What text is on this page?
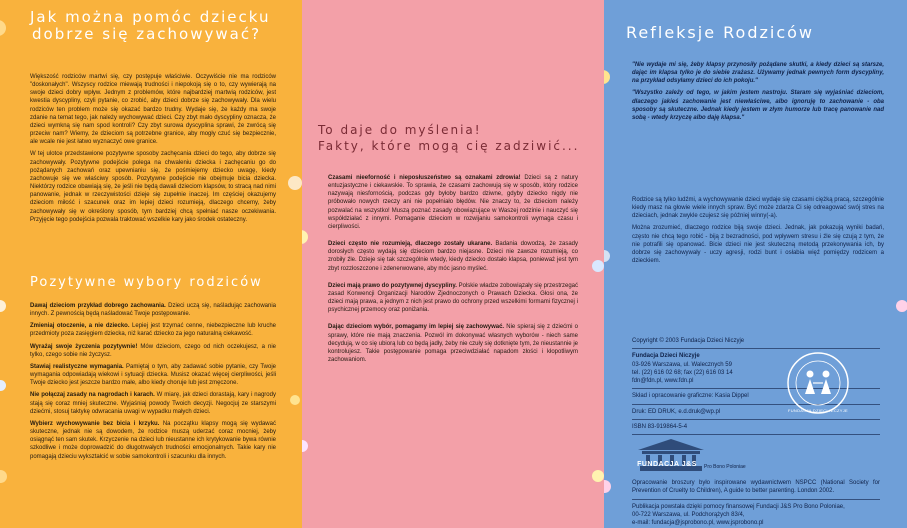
Jak można pomóc dziecku
dobrze się zachowywać?

Większość rodziców martwi się, czy postępuje właściwie. Oczywiście nie ma rodziców "doskonałych". Wszyscy rodzice miewają trudności i niepokoją się o to, czy wywierają na swoje dzieci dobry wpływ. Jednym z problemów, które najbardziej martwią rodziców, jest kwestia dyscypliny, czyli pytanie, co zrobić, aby dzieci dobrze się zachowywały. Dla wielu rodziców ten problem może się okazać bardzo trudny. Wydaje się, że każdy ma swoje zdanie na temat tego, jak należy wychowywać dzieci. Czy zbyt mało dyscypliny oznacza, że dzieci wymkną się nam spod kontroli? Czy zbyt surowa dyscyplina sprawi, że zwrócą się przeciw nam? Wiemy, że dzieciom są potrzebne granice, aby mogły czuć się bezpiecznie, ale wcale nie jest łatwo wyznaczyć owe granice.

W tej ulotce przedstawione pozytywne sposoby zachęcania dzieci do tego, aby dobrze się zachowywały. Pozytywne podejście polega na chwaleniu dziecka i zachęcaniu go do pożądanych zachowań oraz upewnianiu się, że pośmiejemy dziecko uwagę, kiedy zachowuje się we właściwy sposób. Pozytywne podejście nie obejmuje bicia dziecka. Niektórzy rodzice obawiają się, że jeśli nie będą dawali dzieciom klapsów, to stracą nad nimi panowanie, jednak w rzeczywistości dzieje się zupełnie inaczej. Im częściej okazujemy dzieciom miłość i szacunek oraz im lepiej dzieci rozumieją, dlaczego chcemy, żeby zachowywały się w określony sposób, tym bardziej chcą spełniać nasze oczekiwania. Przyjęcie tego podejścia pozwala traktować wszelkie kary jako środek ostateczny.

Pozytywne wybory rodziców

Dawaj dzieciom przykład dobrego zachowania. Dzieci uczą się, naśladując zachowania innych. Z pewnością będą naśladować Twoje postępowanie.

Zmieniaj otoczenie, a nie dziecko. Lepiej jest trzymać cenne, niebezpieczne lub kruche przedmioty poza zasięgiem dziecka, niż karać dziecko za jego naturalną ciekawość.

Wyrażaj swoje życzenia pozytywnie! Mów dzieciom, czego od nich oczekujesz, a nie tylko, czego sobie nie życzysz.

Stawiaj realistyczne wymagania. Pamiętaj o tym, aby zadawać sobie pytanie, czy Twoje wymagania odpowiadają wiekowi i sytuacji dziecka. Musisz okazać więcej cierpliwości, jeśli Twoje dziecko jest jeszcze bardzo małe, albo kiedy choruje lub jest zmęczone.

Nie połączaj zasady na nagrodach i karach. W miarę, jak dzieci dorastają, kary i nagrody stają się coraz mniej skuteczne. Wyjaśniaj powody Twoich decyzji. Negocjuj ze starszymi dziećmi, stosuj taktykę odwracania uwagi w wypadku małych dzieci.

Wybierz wychowywanie bez bicia i krzyku. Na początku klapsy mogą się wydawać skuteczne, jednak nie są dowodem, że rodzice muszą uderzać coraz mocniej, żeby osiągnąć ten sam skutek. Krzyczenie na dzieci lub nieustanne ich krytykowanie bywa równie szkodliwe i może doprowadzić do długotrwałych trudności emocjonalnych. Takie kary nie pomagają dzieciu wykształcić w sobie samokontroli i szacunku dla innych.

To daje do myślenia!
Fakty, które mogą cię zadziwić...

Czasami nieeforność i nieposłuszeństwo są oznakami zdrowia! Dzieci są z natury entuzjastyczne i ciekawskie. To sprawia, że czasami zachowują się w sposób, który rodzice nazywają niesfornością, podczas gdy byłoby bardzo dziwne, gdyby dziecko nigdy nie próbowało nowych rzeczy ani nie popełniało błędów. Nie znaczy to, że dzieciom należy pozwalać na wszystko! Muszą poznać zasady obowiązujące w Waszej rodzinie i nauczyć się współdziałać z innymi. Pomaganie dzieciom w rozwijaniu samokontroli wymaga czasu i cierpliwości.

Dzieci często nie rozumieją, dlaczego zostały ukarane. Badania dowodzą, że zasady dorosłych często wydają się dzieciom bardzo niejasne. Dzieci nie zawsze rozumieją, co zrobiły źle. Dzieje się tak szczególnie wtedy, kiedy dziecko dostało klapsa, ponieważ jest tym zbyt rozzłoszczone i zdenerwowane, aby móc jasno myśleć.

Dzieci mają prawo do pozytywnej dyscypliny. Polskie władze zobowiązały się przestrzegać zasad Konwencji Organizacji Narodów Zjednoczonych o Prawach Dziecka. Głosi ona, że dzieci mają prawa, a jednym z nich jest prawo do ochrony przed wszelkimi formami fizycznej i psychicznej przemocy oraz poniżania.

Dając dzieciom wybór, pomagamy im lepiej się zachowywać. Nie spieraj się z dziećmi o sprawy, które nie mają znaczenia. Pozwól im dokonywać własnych wyborów - niech same decydują, w co się ubiorą lub co będą jadły, żeby nie czuły się dotknięte tym, że nieustannie je kontrolujesz. Takie postępowanie pomaga przeciwdziałać napadom złości i kłopotliwym zachowaniom.

Refleksje Rodziców

"Nie wydaje mi się, żeby klapsy przynosiły pożądane skutki, a kiedy dzieci są starsze, dając im klapsa tylko je do siebie zrażasz. Używamy jednak pewnych form dyscypliny, na przykład odsyłamy dzieci do ich pokoju."

"Wszystko zależy od tego, w jakim jestem nastroju. Staram się wyjaśniać dzieciom, dlaczego jakieś zachowanie jest niewłaściwe, albo ignoruję to zachowanie - oba sposoby są skuteczne. Jednak kiedy jestem w złym humorze lub tracę panowanie nad sobą - wtedy krzyczę albo daję klapsa."

Rodzice są tylko ludźmi, a wychowywanie dzieci wydaje się czasami ciężką pracą, szczególnie kiedy masz na głowie wiele innych spraw. Być może zdarza Ci się odreagować swój stres na dzieciach, jednak zwykle czujesz się później winny(-a).

Można zrozumieć, dlaczego rodzice biją swoje dzieci. Jednak, jak pokazują wyniki badań, często nie chcą tego robić - biją z bezradności, pod wpływem stresu i źle się czują z tym, że nie potrafili się opanować. Bicie dzieci nie jest skuteczną metodą przekonywania ich, by dobrze się zachowywały - uczy agresji, rodzi bunt i osłabia więź pomiędzy rodzicem a dzieckiem.

Copyright © 2003 Fundacja Dzieci Niczyje
Fundacja Dzieci Niczyje
03-926 Warszawa, ul. Walecznych 59
tel. (22) 616 02 68; fax (22) 616 03 14
fdn@fdn.pl, www.fdn.pl
Skład i opracowanie graficzne: Kasia Dippel
Druk: ED DRUK, e.d.druk@wp.pl
ISBN 83-919864-5-4
FUNDACJA J&S Pro Bono Poloniae
Opracowanie broszury było inspirowane wydawnictwem NSPCC (National Society for Prevention of Cruelty to Children), A guide to better parenting. London 2002.
Publikacja powstała dzięki pomocy finansowej Fundacji J&S Pro Bono Poloniae,
00-722 Warszawa, ul. Podchorążych 83/4,
e-mail: fundacja@jsprobono.pl, www.jsprobono.pl
FUNDACJA DZIECI NICZYJE
